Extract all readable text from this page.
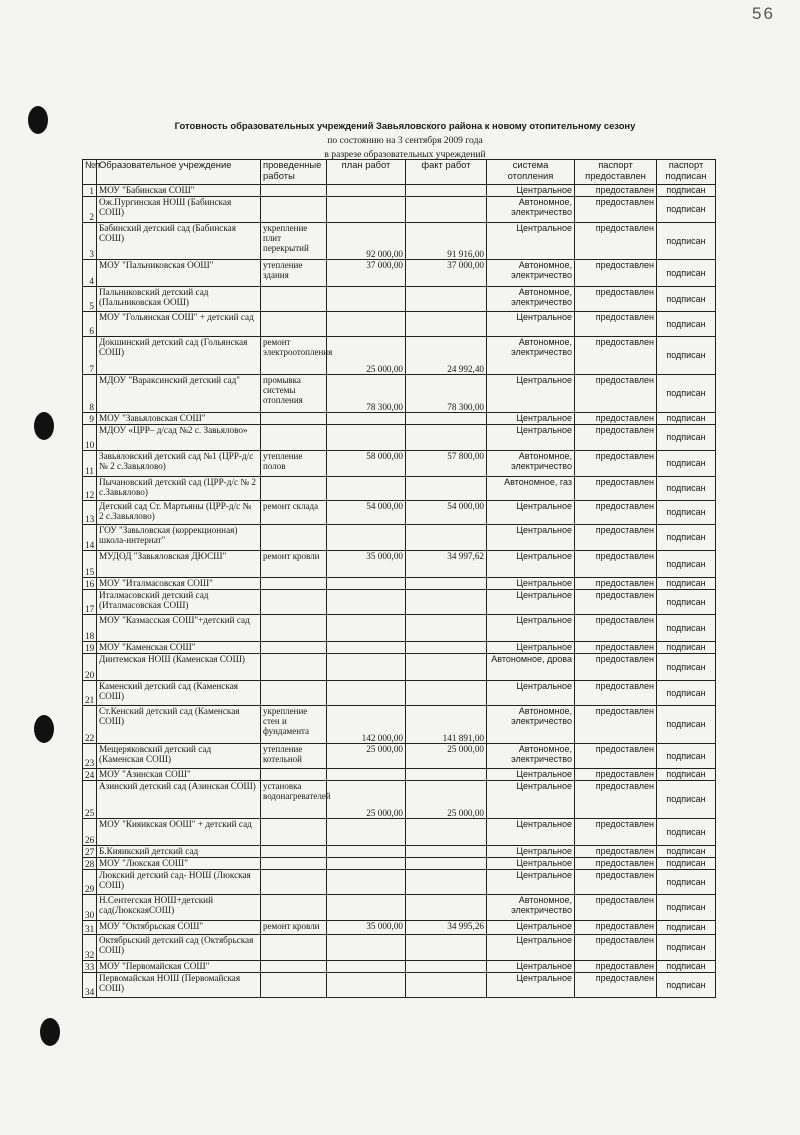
56
Готовность образовательных учреждений Завьяловского района к новому отопительному сезону
по состоянию на 3 сентября 2009 года
в разрезе образовательных учреждений
№п	Образовательное учреждение	проведенные работы	план работ	факт работ	система отопления	паспорт предоставлен	паспорт подписан
1	МОУ "Бабинская СОШ"				Центральное	предоставлен	подписан
2	Ож.Пургинская НОШ (Бабинская СОШ)				Автономное, электричество	предоставлен	подписан
3	Бабинский детский сад (Бабинская СОШ)	укрепление плит перекрытий	92 000,00	91 916,00	Центральное	предоставлен	подписан
4	МОУ "Пальниковская ООШ"	утепление здания	37 000,00	37 000,00	Автономное, электричество	предоставлен	подписан
5	Пальниковский детский сад (Пальниковская ООШ)				Автономное, электричество	предоставлен	подписан
6	МОУ "Гольянская СОШ" + детский сад				Центральное	предоставлен	подписан
7	Докшинский детский сад (Гольянская СОШ)	ремонт электроотопления	25 000,00	24 992,40	Автономное, электричество	предоставлен	подписан
8	МДОУ "Вараксинский детский сад"	промывка системы отопления	78 300,00	78 300,00	Центральное	предоставлен	подписан
9	МОУ "Завьяловская СОШ"				Центральное	предоставлен	подписан
10	МДОУ «ЦРР– д/сад №2 с. Завьялово»				Центральное	предоставлен	подписан
11	Завьяловский детский сад №1 (ЦРР-д/с № 2 с.Завьялово)	утепление полов	58 000,00	57 800,00	Автономное, электричество	предоставлен	подписан
12	Пычановский детский сад (ЦРР-д/с № 2 с.Завьялово)				Автономное, газ	предоставлен	подписан
13	Детский сад Ст. Мартьяны (ЦРР-д/с № 2 с.Завьялово)	ремонт склада	54 000,00	54 000,00	Центральное	предоставлен	подписан
14	ГОУ "Завьловская (коррекционная) школа-интернат"				Центральное	предоставлен	подписан
15	МУДОД "Завьяловская ДЮСШ"	ремонт кровли	35 000,00	34 997,62	Центральное	предоставлен	подписан
16	МОУ "Италмасовская СОШ"				Центральное	предоставлен	подписан
17	Италмасовский детский сад (Италмасовская СОШ)				Центральное	предоставлен	подписан
18	МОУ "Казмасская СОШ"+детский сад				Центральное	предоставлен	подписан
19	МОУ "Каменская СОШ"				Центральное	предоставлен	подписан
20	Динтемская НОШ (Каменская СОШ)				Автономное, дрова	предоставлен	подписан
21	Каменский детский сад (Каменская СОШ)				Центральное	предоставлен	подписан
22	Ст.Кенский детский сад (Каменская СОШ)	укрепление стен и фундамента	142 000,00	141 891,00	Автономное, электричество	предоставлен	подписан
23	Мещеряковский детский сад (Каменская СОШ)	утепление котельной	25 000,00	25 000,00	Автономное, электричество	предоставлен	подписан
24	МОУ "Азинская СОШ"				Центральное	предоставлен	подписан
25	Азинский детский сад (Азинская СОШ)	установка водонагревателей	25 000,00	25 000,00	Центральное	предоставлен	подписан
26	МОУ "Кияикская ООШ" + детский сад				Центральное	предоставлен	подписан
27	Б.Кияикский детский сад				Центральное	предоставлен	подписан
28	МОУ "Люкская СОШ"				Центральное	предоставлен	подписан
29	Люкский детский сад- НОШ (Люкская СОШ)				Центральное	предоставлен	подписан
30	Н.Сентегская НОШ+детский сад(ЛюкскаяСОШ)				Автономное, электричество	предоставлен	подписан
31	МОУ "Октябрьская СОШ"	ремонт кровли	35 000,00	34 995,26	Центральное	предоставлен	подписан
32	Октябрьский детский сад (Октябрьская СОШ)				Центральное	предоставлен	подписан
33	МОУ "Первомайская СОШ"				Центральное	предоставлен	подписан
34	Первомайская НОШ (Первомайская СОШ)				Центральное	предоставлен	подписан
